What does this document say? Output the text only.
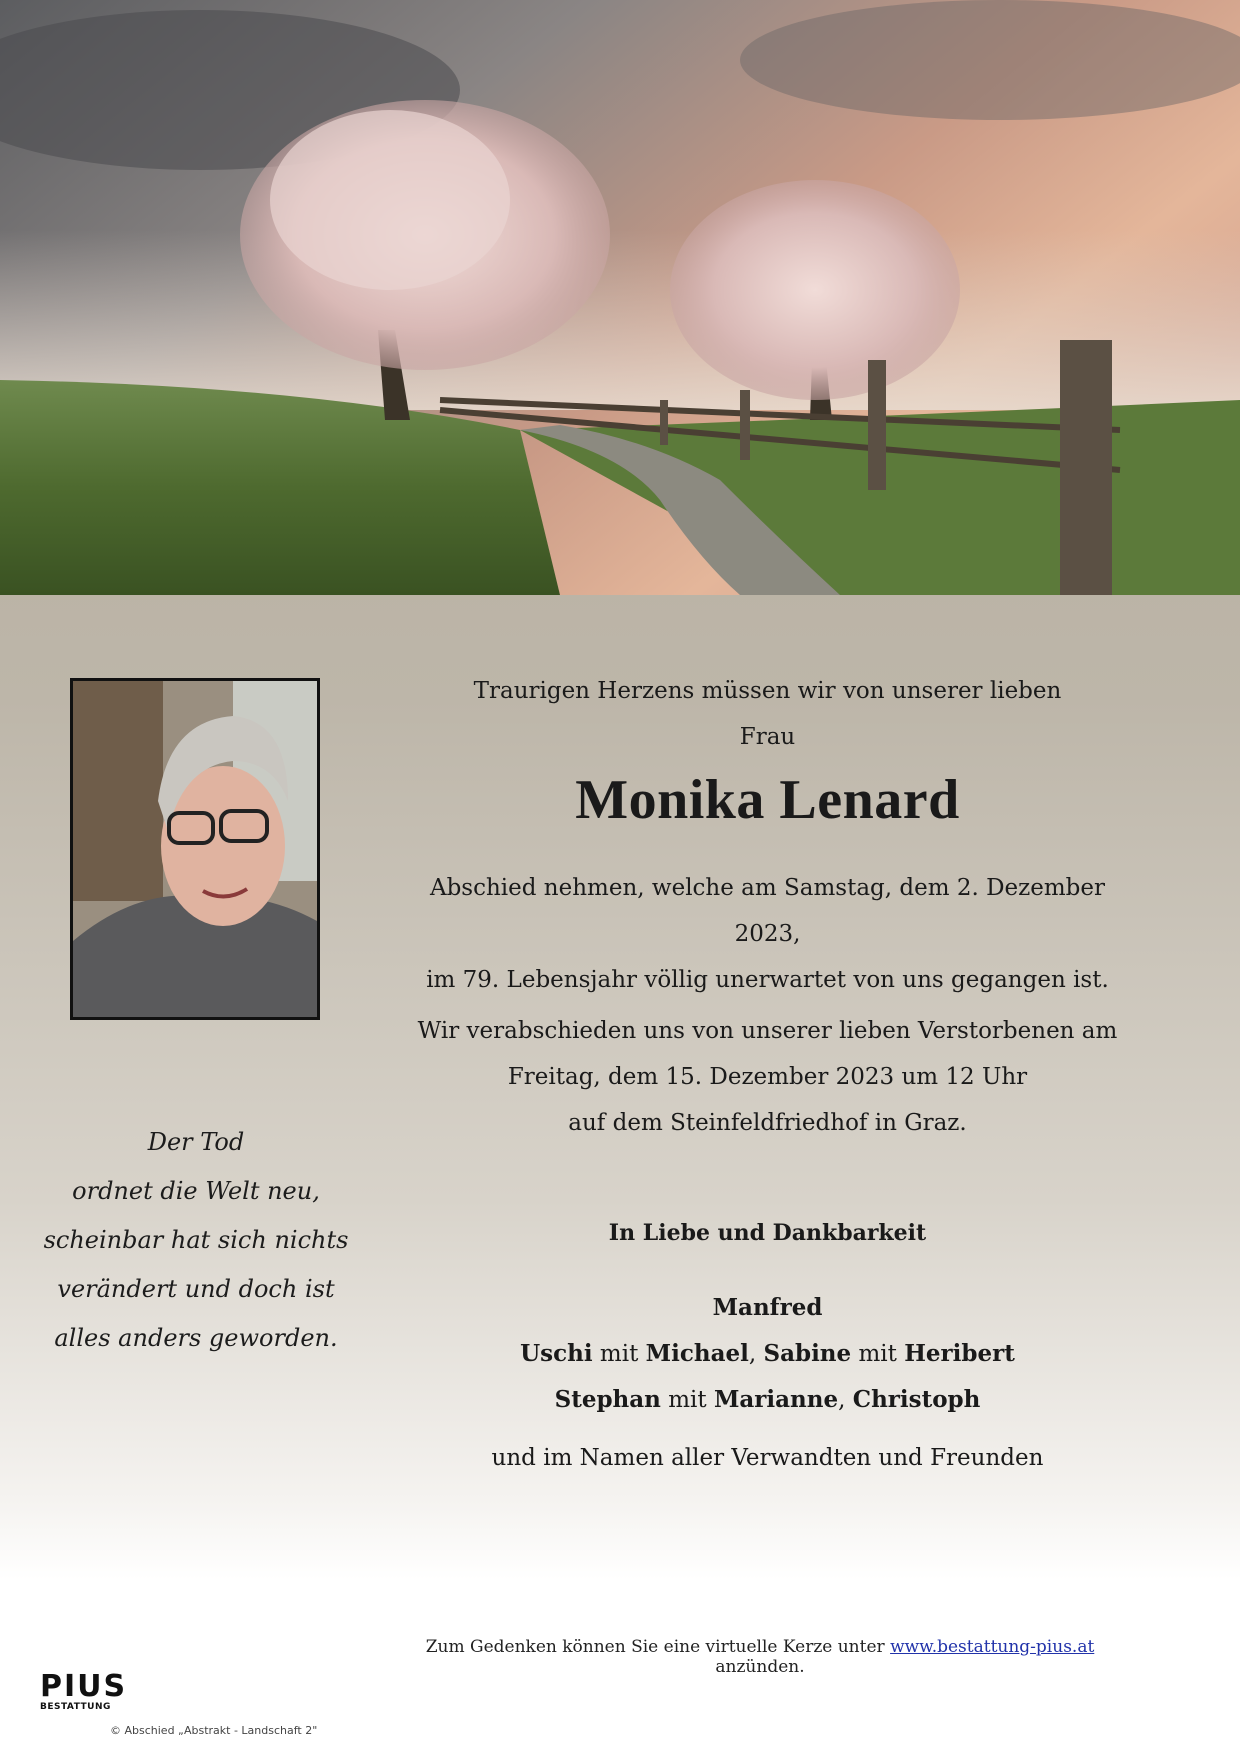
Der Tod
ordnet die Welt neu,
scheinbar hat sich nichts
verändert und doch ist
alles anders geworden.
Traurigen Herzens müssen wir von unserer lieben
Frau
Monika Lenard
Abschied nehmen, welche am Samstag, dem 2. Dezember 2023,
im 79. Lebensjahr völlig unerwartet von uns gegangen ist.
Wir verabschieden uns von unserer lieben Verstorbenen am
Freitag, dem 15. Dezember 2023 um 12 Uhr
auf dem Steinfeldfriedhof in Graz.
In Liebe und Dankbarkeit
Manfred
Uschi mit Michael, Sabine mit Heribert
Stephan mit Marianne, Christoph
und im Namen aller Verwandten und Freunden
Zum Gedenken können Sie eine virtuelle Kerze unter www.bestattung-pius.at anzünden.
PIUS
BESTATTUNG
© Abschied „Abstrakt - Landschaft 2"
